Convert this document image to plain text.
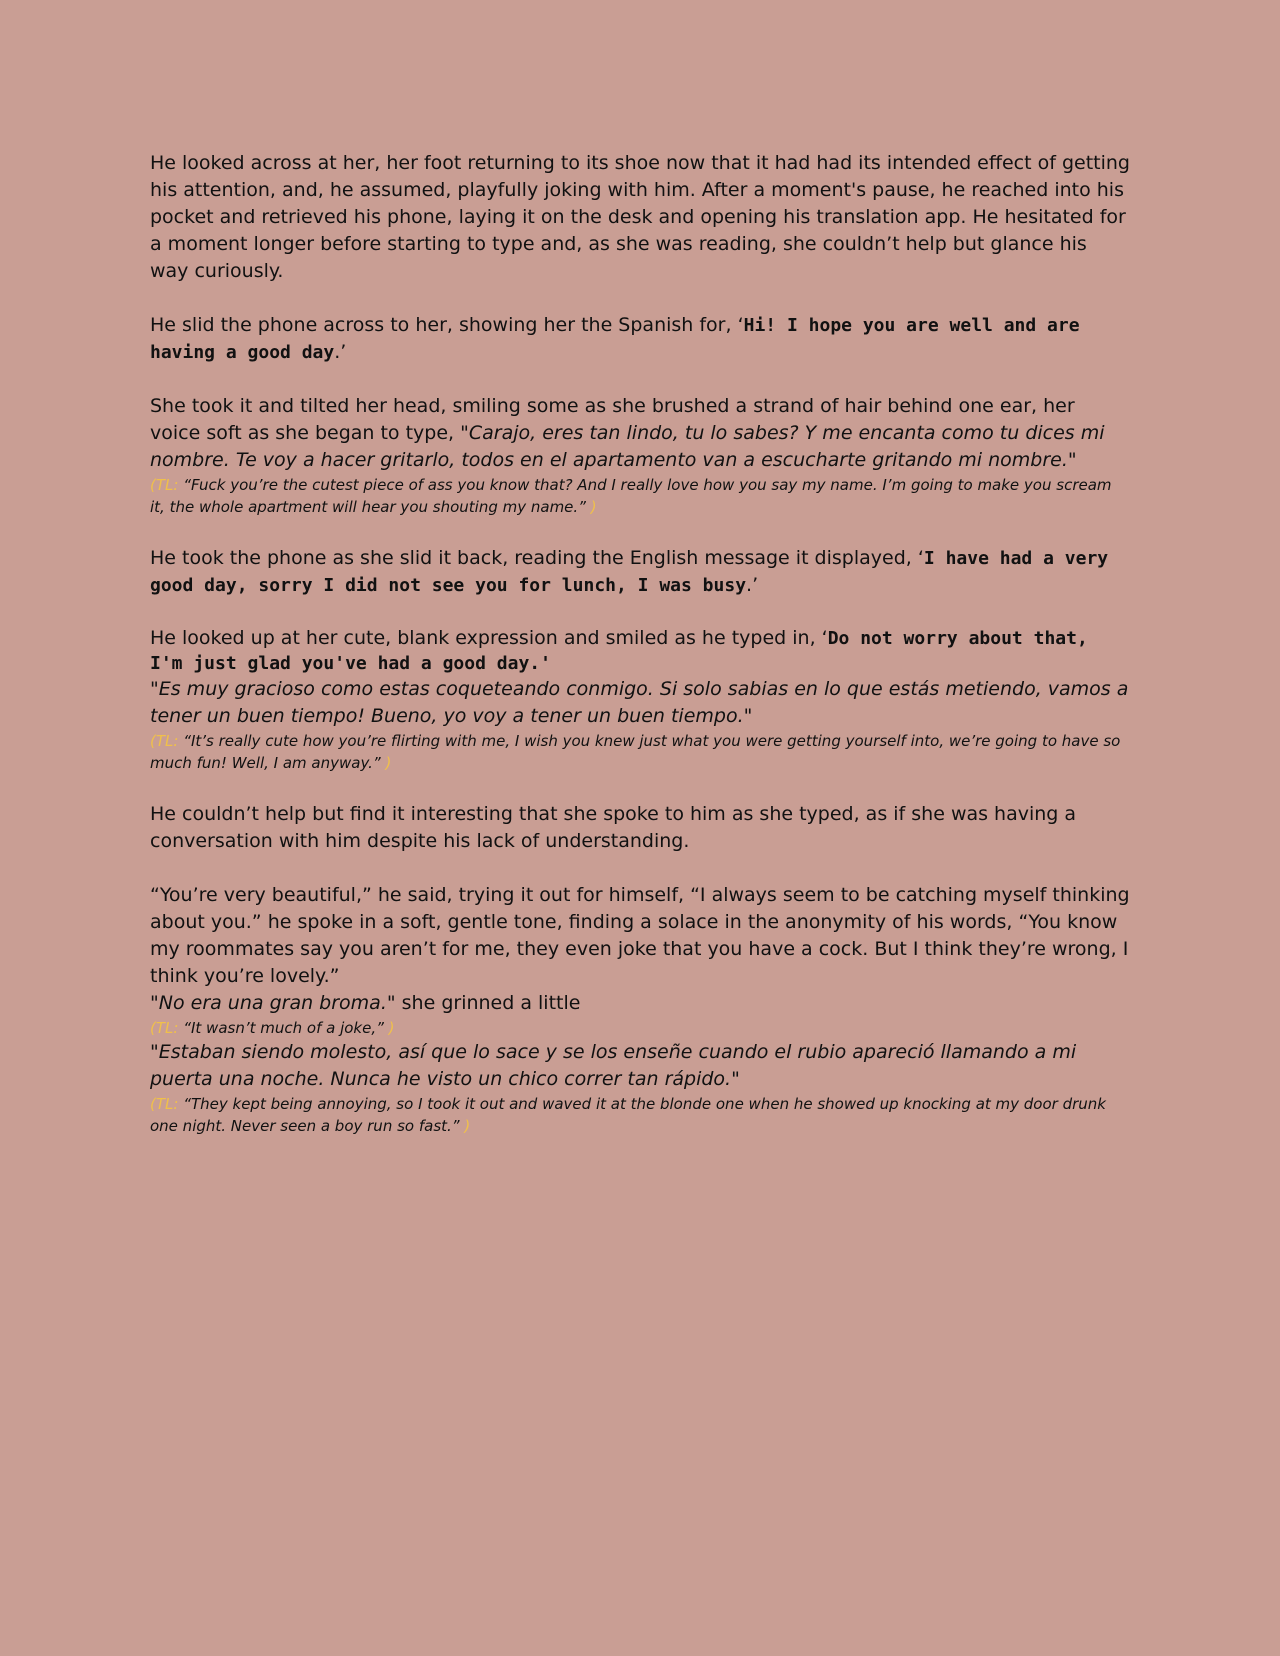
He looked across at her, her foot returning to its shoe now that it had had its intended effect of getting his attention, and, he assumed, playfully joking with him. After a moment's pause, he reached into his pocket and retrieved his phone, laying it on the desk and opening his translation app. He hesitated for a moment longer before starting to type and, as she was reading, she couldn’t help but glance his way curiously.

He slid the phone across to her, showing her the Spanish for, ‘Hi! I hope you are well and are having a good day.’

She took it and tilted her head, smiling some as she brushed a strand of hair behind one ear, her voice soft as she began to type, "Carajo, eres tan lindo, tu lo sabes? Y me encanta como tu dices mi nombre. Te voy a hacer gritarlo, todos en el apartamento van a escucharte gritando mi nombre."

(TL: “Fuck you’re the cutest piece of ass you know that? And I really love how you say my name. I’m going to make you scream it, the whole apartment will hear you shouting my name.” )

He took the phone as she slid it back, reading the English message it displayed, ‘I have had a very good day, sorry I did not see you for lunch, I was busy.’

He looked up at her cute, blank expression and smiled as he typed in, ‘Do not worry about that, I'm just glad you've had a good day.'

"Es muy gracioso como estas coqueteando conmigo. Si solo sabias en lo que estás metiendo, vamos a tener un buen tiempo! Bueno, yo voy a tener un buen tiempo."

(TL: “It’s really cute how you’re flirting with me, I wish you knew just what you were getting yourself into, we’re going to have so much fun! Well, I am anyway.” )

He couldn’t help but find it interesting that she spoke to him as she typed, as if she was having a conversation with him despite his lack of understanding.

“You’re very beautiful,” he said, trying it out for himself, “I always seem to be catching myself thinking about you.” he spoke in a soft, gentle tone, finding a solace in the anonymity of his words, “You know my roommates say you aren’t for me, they even joke that you have a cock. But I think they’re wrong, I think you’re lovely.”

"No era una gran broma." she grinned a little

(TL: “It wasn’t much of a joke,” )

"Estaban siendo molesto, así que lo sace y se los enseñe cuando el rubio apareció llamando a mi puerta una noche. Nunca he visto un chico correr tan rápido."

(TL: “They kept being annoying, so I took it out and waved it at the blonde one when he showed up knocking at my door drunk one night. Never seen a boy run so fast.” )
